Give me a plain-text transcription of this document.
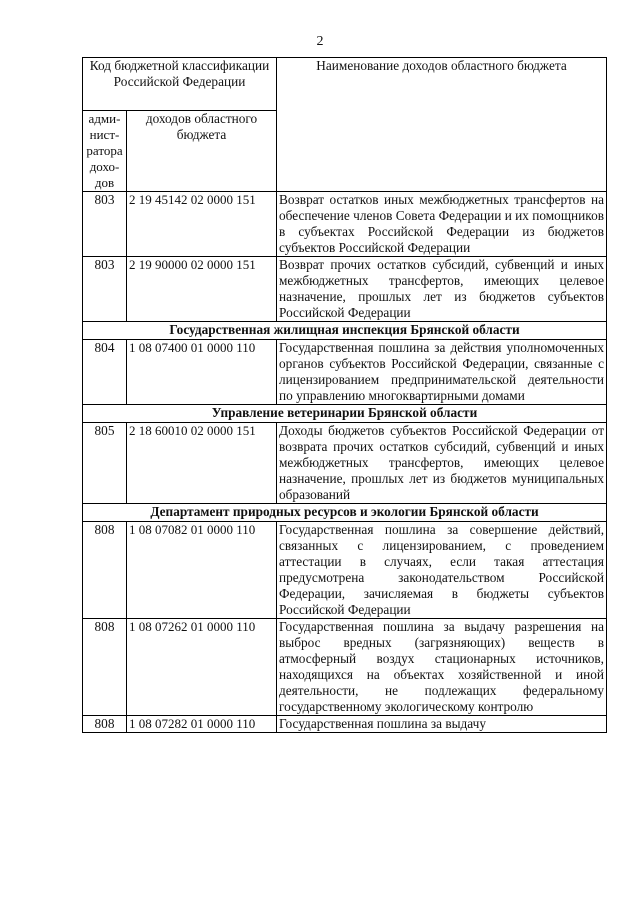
2
Код бюджетной классификации Российской Федерации		Наименование доходов областного бюджета
адми-нист-ратора дохо-дов	доходов областного бюджета	
803	2 19 45142 02 0000 151	Возврат остатков иных межбюджетных трансфертов на обеспечение членов Совета Федерации и их помощников в субъектах Российской Федерации из бюджетов субъектов Российской Федерации
803	2 19 90000 02 0000 151	Возврат прочих остатков субсидий, субвенций и иных межбюджетных трансфертов, имеющих целевое назначение, прошлых лет из бюджетов субъектов Российской Федерации
Государственная жилищная инспекция Брянской области		
804	1 08 07400 01 0000 110	Государственная пошлина за действия уполномоченных органов субъектов Российской Федерации, связанные с лицензированием предпринимательской деятельности по управлению многоквартирными домами
Управление ветеринарии Брянской области		
805	2 18 60010 02 0000 151	Доходы бюджетов субъектов Российской Федерации от возврата прочих остатков субсидий, субвенций и иных межбюджетных трансфертов, имеющих целевое назначение, прошлых лет из бюджетов муниципальных образований
Департамент природных ресурсов и экологии Брянской области		
808	1 08 07082 01 0000 110	Государственная пошлина за совершение действий, связанных с лицензированием, с проведением аттестации в случаях, если такая аттестация предусмотрена законодательством Российской Федерации, зачисляемая в бюджеты субъектов Российской Федерации
808	1 08 07262 01 0000 110	Государственная пошлина за выдачу разрешения на выброс вредных (загрязняющих) веществ в атмосферный воздух стационарных источников, находящихся на объектах хозяйственной и иной деятельности, не подлежащих федеральному государственному экологическому контролю
808	1 08 07282 01 0000 110	Государственная пошлина за выдачу
